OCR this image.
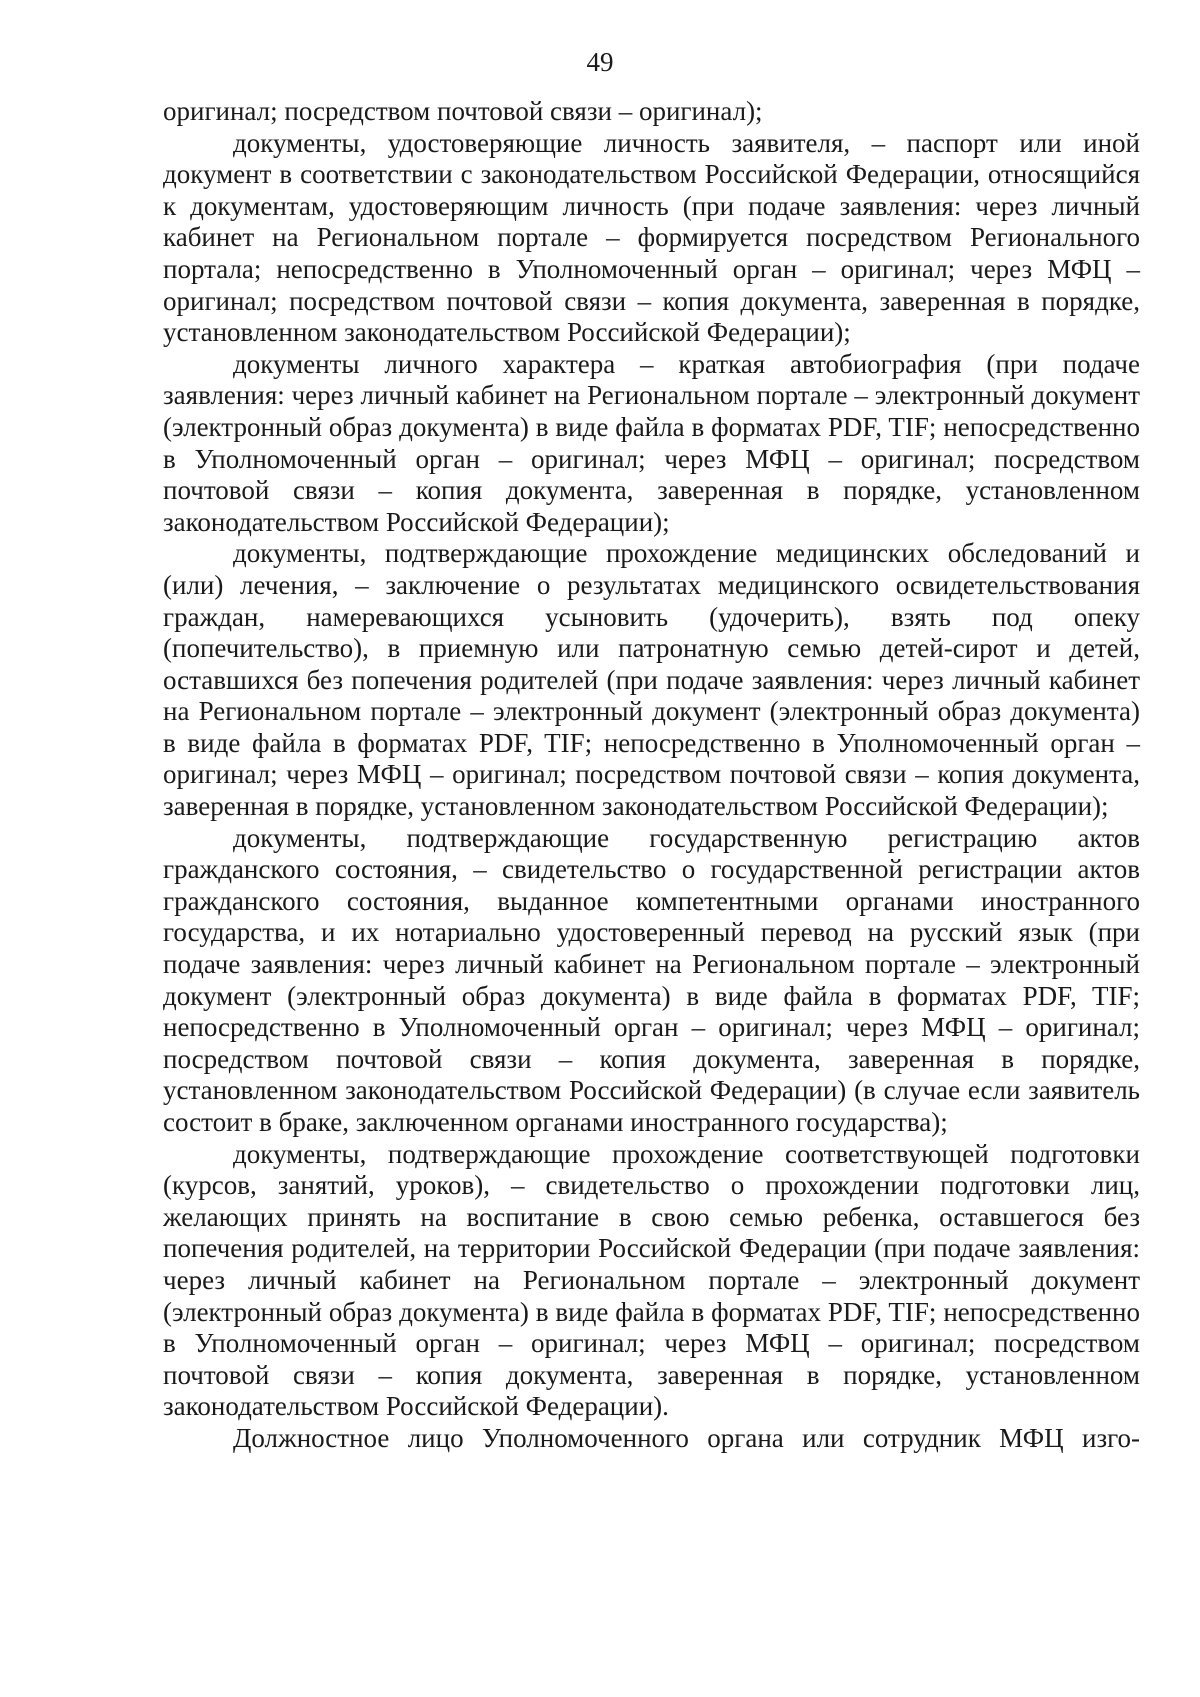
49

оригинал; посредством почтовой связи – оригинал);

документы, удостоверяющие личность заявителя, – паспорт или иной документ в соответствии с законодательством Российской Федерации, относящийся к документам, удостоверяющим личность (при подаче заявления: через личный кабинет на Региональном портале – формируется посредством Регионального портала; непосредственно в Уполномоченный орган – оригинал; через МФЦ – оригинал; посредством почтовой связи – копия документа, заверенная в порядке, установленном законодательством Российской Федерации);

документы личного характера – краткая автобиография (при подаче заявления: через личный кабинет на Региональном портале – электронный документ (электронный образ документа) в виде файла в форматах PDF, TIF; непосредственно в Уполномоченный орган – оригинал; через МФЦ – оригинал; посредством почтовой связи – копия документа, заверенная в порядке, установленном законодательством Российской Федерации);

документы, подтверждающие прохождение медицинских обследований и (или) лечения, – заключение о результатах медицинского освидетельствования граждан, намеревающихся усыновить (удочерить), взять под опеку (попечительство), в приемную или патронатную семью детей-сирот и детей, оставшихся без попечения родителей (при подаче заявления: через личный кабинет на Региональном портале – электронный документ (электронный образ документа) в виде файла в форматах PDF, TIF; непосредственно в Уполномоченный орган – оригинал; через МФЦ – оригинал; посредством почтовой связи – копия документа, заверенная в порядке, установленном законодательством Российской Федерации);

документы, подтверждающие государственную регистрацию актов гражданского состояния, – свидетельство о государственной регистрации актов гражданского состояния, выданное компетентными органами иностранного государства, и их нотариально удостоверенный перевод на русский язык (при подаче заявления: через личный кабинет на Региональном портале – электронный документ (электронный образ документа) в виде файла в форматах PDF, TIF; непосредственно в Уполномоченный орган – оригинал; через МФЦ – оригинал; посредством почтовой связи – копия документа, заверенная в порядке, установленном законодательством Российской Федерации) (в случае если заявитель состоит в браке, заключенном органами иностранного государства);

документы, подтверждающие прохождение соответствующей подготовки (курсов, занятий, уроков), – свидетельство о прохождении подготовки лиц, желающих принять на воспитание в свою семью ребенка, оставшегося без попечения родителей, на территории Российской Федерации (при подаче заявления: через личный кабинет на Региональном портале – электронный документ (электронный образ документа) в виде файла в форматах PDF, TIF; непосредственно в Уполномоченный орган – оригинал; через МФЦ – оригинал; посредством почтовой связи – копия документа, заверенная в порядке, установленном законодательством Российской Федерации).

Должностное лицо Уполномоченного органа или сотрудник МФЦ изго-
